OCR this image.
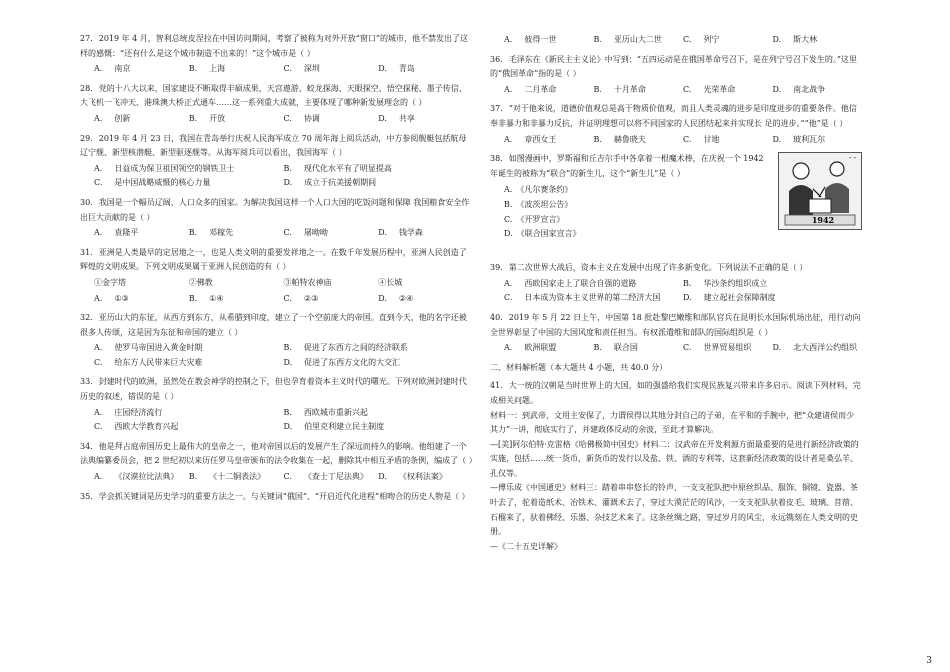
27. 2019 年 4 月，智利总统皮涅拉在中国访问期间，考察了被称为对外开放“窗口”的城市，他不禁发出了这样的感慨：“还有什么是这个城市制造不出来的！”这个城市是（ ）

A. 南京	B. 上海	C. 深圳	D. 青岛

28. 党的十八大以来，国家建设不断取得丰硕成果，天宫遨游、蛟龙探海、天眼探空、悟空探秘、墨子传信、大飞机一飞冲天、港珠澳大桥正式通车……这一系列重大成就，主要体现了哪种新发展理念的（ ）

A. 创新	B. 开放	C. 协调	D. 共享

29. 2019 年 4 月 23 日，我国在青岛举行庆祝人民海军成立 70 周年海上阅兵活动，中方参阅舰艇包括航母辽宁舰、新型核潜艇、新型驱逐舰等。从海军阅兵可以看出，我国海军（ ）

A. 日益成为保卫祖国领空的钢铁卫士	B. 现代化水平有了明显提高
C. 是中国战略威慑的核心力量	D. 成立于抗美援朝期间

30. 我国是一个幅员辽阔、人口众多的国家。为解决我国这样一个人口大国的吃饭问题和保障 我国粮食安全作出巨大贡献的是（ ）

A. 袁隆平	B. 邓稼先	C. 屠呦呦	D. 钱学森

31. 亚洲是人类最早的定居地之一，也是人类文明的重要发祥地之一。在数千年发展历程中，亚洲人民创造了辉煌的文明成果。下列文明成果属于亚洲人民创造的有（ ）

①金字塔	②佛教	③帕特农神庙	④长城
A. ①③	B. ①④	C. ②③	D. ②④

32. 亚历山大的东征，从西方到东方，从希腊到印度，建立了一个空前庞大的帝国。直到今天，他的名字还被很多人传颂，这是因为东征和帝国的建立（ ）

A. 使罗马帝国进入黄金时期	B. 促进了东西方之间的经济联系
C. 给东方人民带来巨大灾难	D. 促进了东西方文化的大交汇

33. 封建时代的欧洲，虽然处在教会神学的控制之下，但也孕育着资本主义时代的曙光。下列对欧洲封建时代历史的叙述，错误的是（ ）

A. 庄园经济流行	B. 西欧城市重新兴起
C. 西欧大学教育兴起	D. 伯里克利建立民主制度

34. 他是拜占庭帝国历史上最伟大的皇帝之一，他对帝国以后的发展产生了深远而持久的影响。他组建了一个法典编纂委员会，把 2 世纪初以来历任罗马皇帝颁布的法令收集在一起，删除其中相互矛盾的条例，编成了（ ）

A. 《汉谟拉比法典》	B. 《十二铜表法》	C. 《查士丁尼法典》	D. 《权利法案》

35. 学会抓关键词是历史学习的重要方法之一。与关键词“俄国”、“开启近代化进程”相吻合的历史人物是（ ）

A. 彼得一世	B. 亚历山大二世	C. 列宁	D. 斯大林

36. 毛泽东在《新民主主义论》中写到：“五四运动是在俄国革命号召下，是在列宁号召下发生的。”这里的“俄国革命”指的是（ ）

A. 二月革命	B. 十月革命	C. 光荣革命	D. 南北战争

37. “对于他来说，道德价值观总是高于物质价值观，而且人类灵魂的进步是印度进步的重要条件。他信奉非暴力和非暴力反抗，并证明理想可以将不同国家的人民团结起来并实现长 足的进步。”“他”是（ ）

A. 章西女王	B. 赫鲁晓夫	C. 甘地	D. 玻利瓦尔

38. 如图漫画中，罗斯福和丘吉尔手中各拿着一根魔术棒，在庆祝一个 1942 年诞生的被称为“联合”的新生儿，这个“新生儿”是（ ）

A. 《凡尔赛条约》
B. 《波茨坦公告》
C. 《开罗宣言》
D. 《联合国家宣言》
1942
- -

39. 第二次世界大战后，资本主义在发展中出现了许多新变化。下列说法不正确的是（ ）

A. 西欧国家走上了联合自强的道路	B. 华沙条约组织成立
C. 日本成为资本主义世界的第二经济大国	D. 建立起社会保障制度

40. 2019 年 5 月 22 日上午，中国第 18 批赴黎巴嫩维和部队官兵在昆明长水国际机场出征，用行动向全世界彰显了中国的大国风度和责任担当。有权派遣维和部队的国际组织是（ ）

A. 欧洲联盟	B. 联合国	C. 世界贸易组织	D. 北大西洋公约组织
二、材料解析题（本大题共 4 小题，共 40.0 分）

41. 大一统的汉朝是当时世界上的大国，如的强盛给我们实现民族复兴带来许多启示。阅读下列材料，完成相关问题。

材料一：到武帝，文用主安保了，力谓侯得以其地分封自己的子弟，在平和的手腕中，把“众建诸侯而少其力”一讲，彻底实行了，并建政体反动的余波，至此才算解决。

—[美]阿尔伯特·克雷格《哈佛极简中国史》材料二：汉武帝在开发利源方面最重要的是进行新经济政策的实施，包括……统一货币，新货币的发行以及盐、铁、酒的专利等，这套新经济政策的设计者是桑弘羊、孔仅等。

—傅乐成《中国通史》材料三：踏着串串悠长的铃声，一支支驼队把中原丝织品、服饰、铜镜、瓷器、茶叶去了，驼着造纸术、冶铁术、灌溉术去了，穿过大漠茫茫的风沙，一支支驼队驮着皮毛、玻璃、苜蓿、石榴来了，驮着佛经、乐器、杂技艺术来了。这条丝绸之路，穿过岁月的风尘，永远镌刻在人类文明的史册。

—《二十五史详解》

3
